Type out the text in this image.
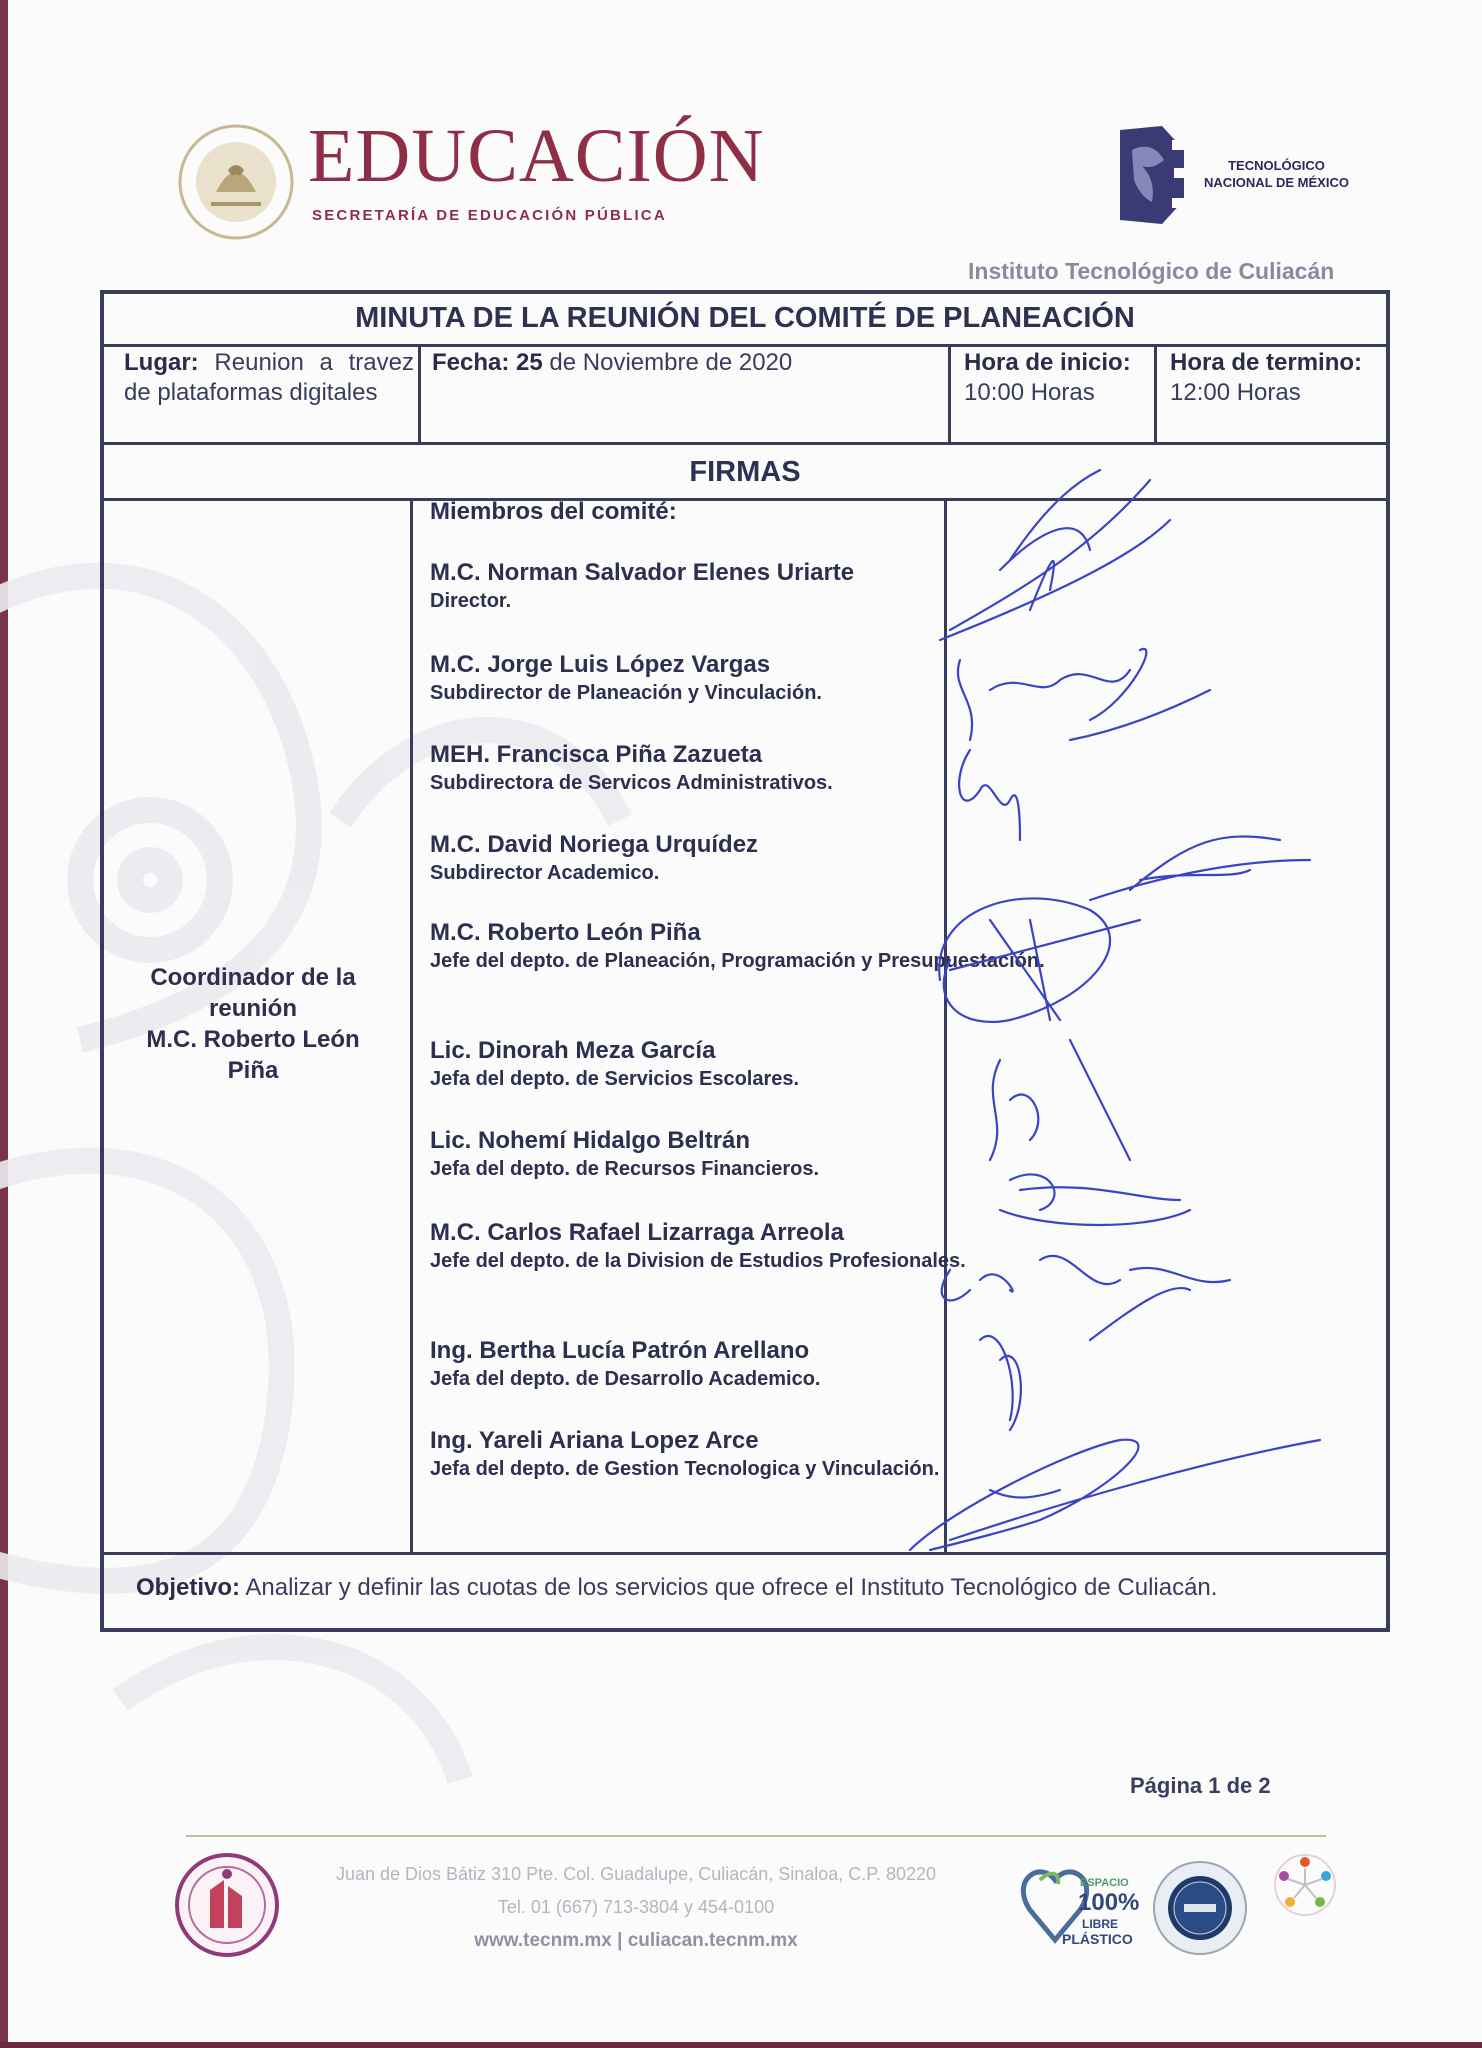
EDUCACIÓN
SECRETARÍA DE EDUCACIÓN PÚBLICA
TECNOLÓGICO NACIONAL DE MÉXICO
Instituto Tecnológico de Culiacán
MINUTA DE LA REUNIÓN DEL COMITÉ DE PLANEACIÓN
Lugar: Reunion a travez de plataformas digitales
Fecha: 25 de Noviembre de 2020	Hora de inicio:
10:00 Horas
Hora de termino:
12:00 Horas
FIRMAS
Coordinador de la reunión
M.C. Roberto León Piña
Miembros del comité:
M.C. Norman Salvador Elenes Uriarte
Director.
M.C. Jorge Luis López Vargas
Subdirector de Planeación y Vinculación.
MEH. Francisca Piña Zazueta
Subdirectora de Servicos Administrativos.
M.C. David Noriega Urquídez
Subdirector Academico.
M.C. Roberto León Piña
Jefe del depto. de Planeación, Programación y Presupuestación.
Lic. Dinorah Meza García
Jefa del depto. de Servicios Escolares.
Lic. Nohemí Hidalgo Beltrán
Jefa del depto. de Recursos Financieros.
M.C. Carlos Rafael Lizarraga Arreola
Jefe del depto. de la Division de Estudios Profesionales.
Ing. Bertha Lucía Patrón Arellano
Jefa del depto. de Desarrollo Academico.
Ing. Yareli Ariana Lopez Arce
Jefa del depto. de Gestion Tecnologica y Vinculación.
Objetivo: Analizar y definir las cuotas de los servicios que ofrece el Instituto Tecnológico de Culiacán.
Página 1 de 2
Juan de Dios Bátiz 310 Pte. Col. Guadalupe, Culiacán, Sinaloa, C.P. 80220
Tel. 01 (667) 713-3804 y 454-0100
www.tecnm.mx | culiacan.tecnm.mx
ESPACIO
100%
LIBRE
PLÁSTICO
